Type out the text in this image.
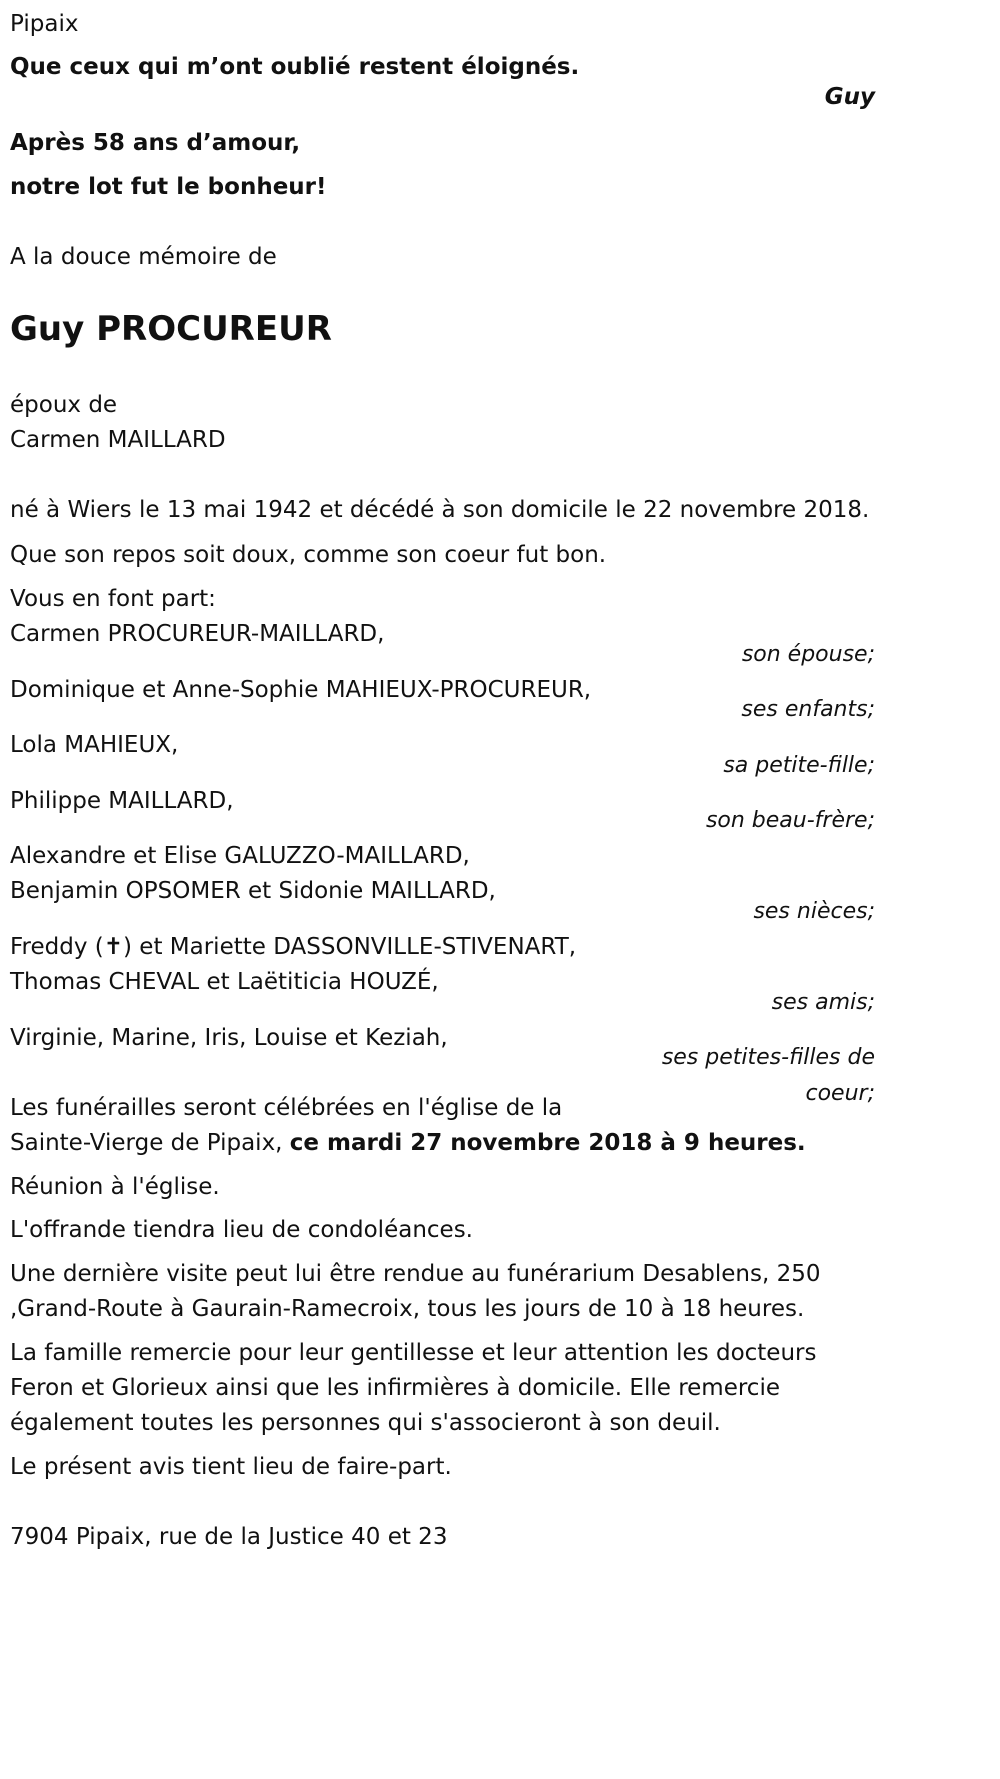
Pipaix
Que ceux qui m’ont oublié restent éloignés.
Guy
Après 58 ans d’amour,
notre lot fut le bonheur!
A la douce mémoire de
Guy PROCUREUR
époux de
Carmen MAILLARD
né à Wiers le 13 mai 1942 et décédé à son domicile le 22 novembre 2018.
Que son repos soit doux, comme son coeur fut bon.
Vous en font part:
Carmen PROCUREUR-MAILLARD,
son épouse;
Dominique et Anne-Sophie MAHIEUX-PROCUREUR,
ses enfants;
Lola MAHIEUX,
sa petite-fille;
Philippe MAILLARD,
son beau-frère;
Alexandre et Elise GALUZZO-MAILLARD,
Benjamin OPSOMER et Sidonie MAILLARD,
ses nièces;
Freddy (✝) et Mariette DASSONVILLE-STIVENART,
Thomas CHEVAL et Laëtiticia HOUZÉ,
ses amis;
Virginie, Marine, Iris, Louise et Keziah,
ses petites-filles de
coeur;
Les funérailles seront célébrées en l'église de la
Sainte-Vierge de Pipaix, ce mardi 27 novembre 2018 à 9 heures.
Réunion à l'église.
L'offrande tiendra lieu de condoléances.
Une dernière visite peut lui être rendue au funérarium Desablens, 250
,Grand-Route à Gaurain-Ramecroix, tous les jours de 10 à 18 heures.
La famille remercie pour leur gentillesse et leur attention les docteurs
Feron et Glorieux ainsi que les infirmières à domicile. Elle remercie
également toutes les personnes qui s'associeront à son deuil.
Le présent avis tient lieu de faire-part.
7904 Pipaix, rue de la Justice 40 et 23
